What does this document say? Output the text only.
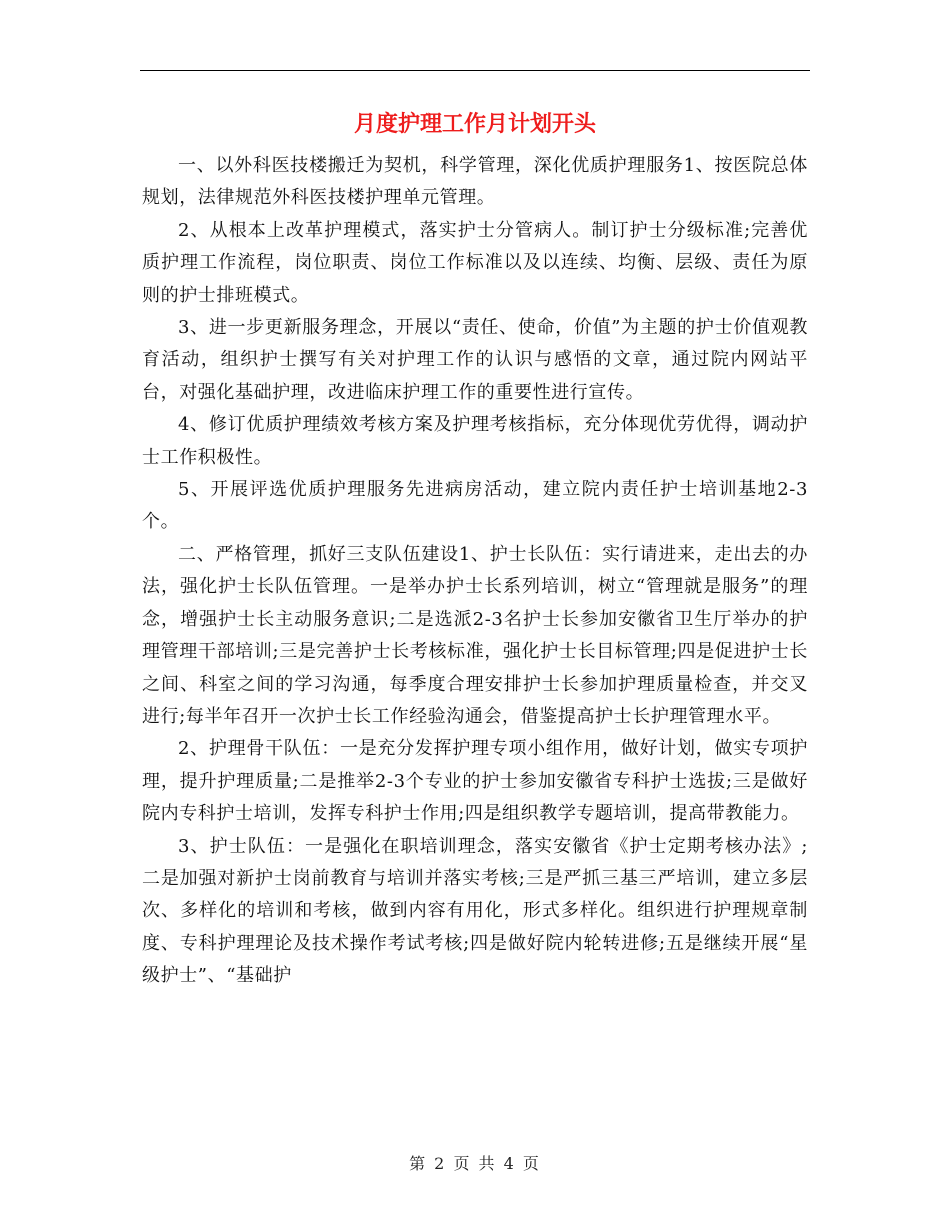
月度护理工作月计划开头

一、以外科医技楼搬迁为契机，科学管理，深化优质护理服务1、按医院总体规划，法律规范外科医技楼护理单元管理。

2、从根本上改革护理模式，落实护士分管病人。制订护士分级标准;完善优质护理工作流程，岗位职责、岗位工作标准以及以连续、均衡、层级、责任为原则的护士排班模式。

3、进一步更新服务理念，开展以“责任、使命，价值”为主题的护士价值观教育活动，组织护士撰写有关对护理工作的认识与感悟的文章，通过院内网站平台，对强化基础护理，改进临床护理工作的重要性进行宣传。

4、修订优质护理绩效考核方案及护理考核指标，充分体现优劳优得，调动护士工作积极性。

5、开展评选优质护理服务先进病房活动，建立院内责任护士培训基地2-3个。

二、严格管理，抓好三支队伍建设1、护士长队伍：实行请进来，走出去的办法，强化护士长队伍管理。一是举办护士长系列培训，树立“管理就是服务”的理念，增强护士长主动服务意识;二是选派2-3名护士长参加安徽省卫生厅举办的护理管理干部培训;三是完善护士长考核标准，强化护士长目标管理;四是促进护士长之间、科室之间的学习沟通，每季度合理安排护士长参加护理质量检查，并交叉进行;每半年召开一次护士长工作经验沟通会，借鉴提高护士长护理管理水平。

2、护理骨干队伍：一是充分发挥护理专项小组作用，做好计划，做实专项护理，提升护理质量;二是推举2-3个专业的护士参加安徽省专科护士选拔;三是做好院内专科护士培训，发挥专科护士作用;四是组织教学专题培训，提高带教能力。

3、护士队伍：一是强化在职培训理念，落实安徽省《护士定期考核办法》;二是加强对新护士岗前教育与培训并落实考核;三是严抓三基三严培训，建立多层次、多样化的培训和考核，做到内容有用化，形式多样化。组织进行护理规章制度、专科护理理论及技术操作考试考核;四是做好院内轮转进修;五是继续开展“星级护士”、“基础护

第 2 页 共 4 页
